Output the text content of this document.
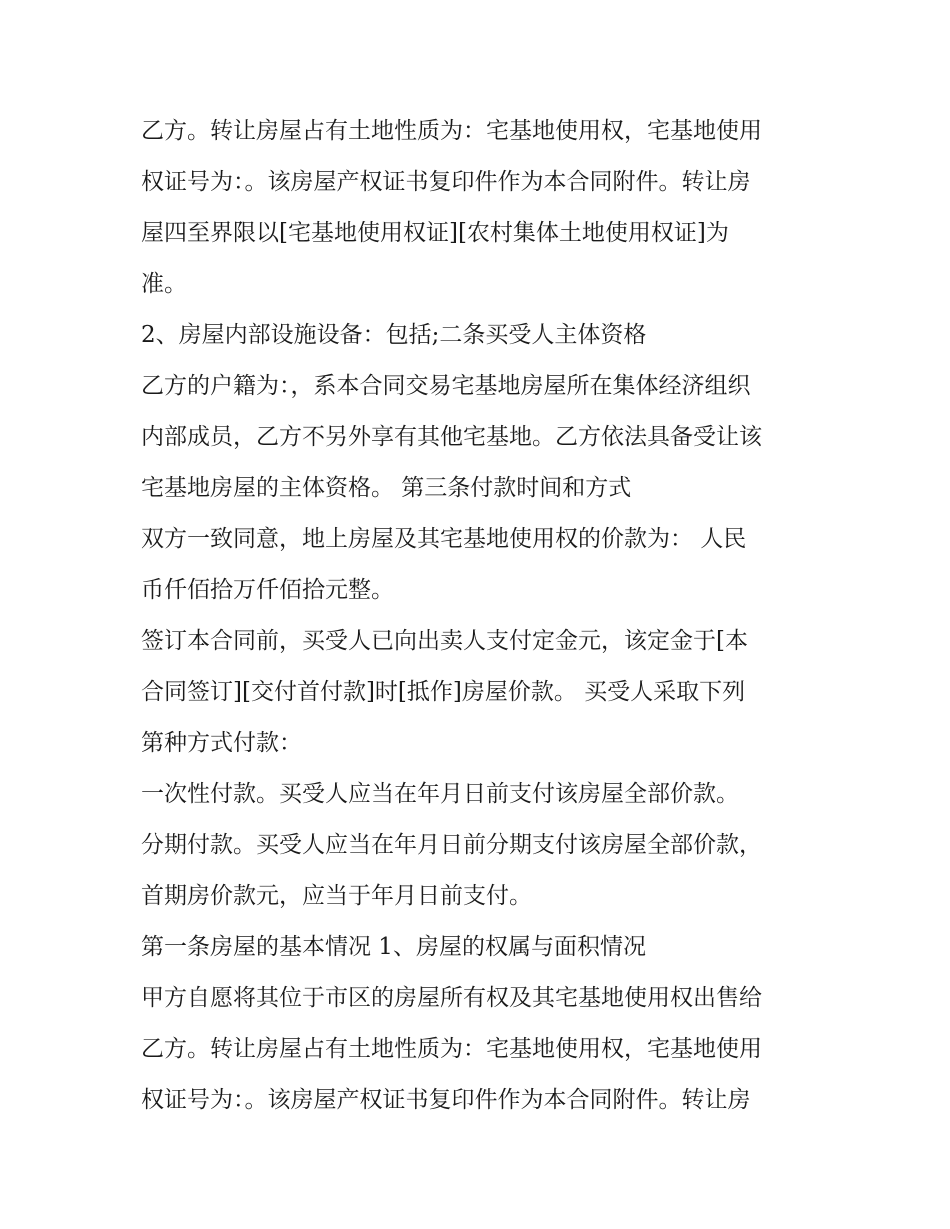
乙方。转让房屋占有土地性质为：宅基地使用权，宅基地使用
权证号为：。该房屋产权证书复印件作为本合同附件。转让房
屋四至界限以[宅基地使用权证][农村集体土地使用权证]为
准。
2、房屋内部设施设备：包括;二条买受人主体资格
乙方的户籍为：，系本合同交易宅基地房屋所在集体经济组织
内部成员，乙方不另外享有其他宅基地。乙方依法具备受让该
宅基地房屋的主体资格。 第三条付款时间和方式
双方一致同意，地上房屋及其宅基地使用权的价款为： 人民
币仟佰拾万仟佰拾元整。
签订本合同前，买受人已向出卖人支付定金元，该定金于[本
合同签订][交付首付款]时[抵作]房屋价款。 买受人采取下列
第种方式付款：
一次性付款。买受人应当在年月日前支付该房屋全部价款。
分期付款。买受人应当在年月日前分期支付该房屋全部价款，
首期房价款元，应当于年月日前支付。
第一条房屋的基本情况 1、房屋的权属与面积情况
甲方自愿将其位于市区的房屋所有权及其宅基地使用权出售给
乙方。转让房屋占有土地性质为：宅基地使用权，宅基地使用
权证号为：。该房屋产权证书复印件作为本合同附件。转让房
